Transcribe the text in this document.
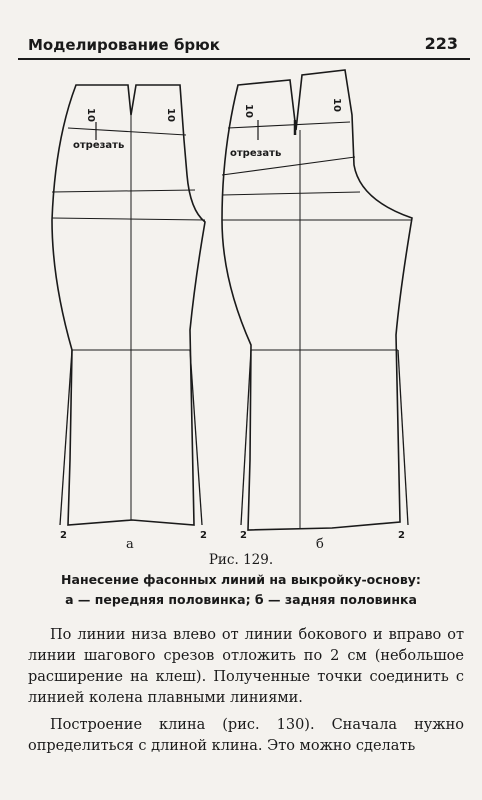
Моделирование брюк	223
10	10	10	10
отрезать
отрезать
2	2	2	2
а	б
Рис. 129.
Нанесение фасонных линий на выкройку-основу:
а — передняя половинка; б — задняя половинка

По линии низа влево от линии бокового и вправо от линии шагового срезов отложить по 2 см (небольшое расширение на клеш). Полученные точки соединить с линией колена плавными линиями.

Построение клина (рис. 130). Сначала нужно определиться с длиной клина. Это можно сделать
